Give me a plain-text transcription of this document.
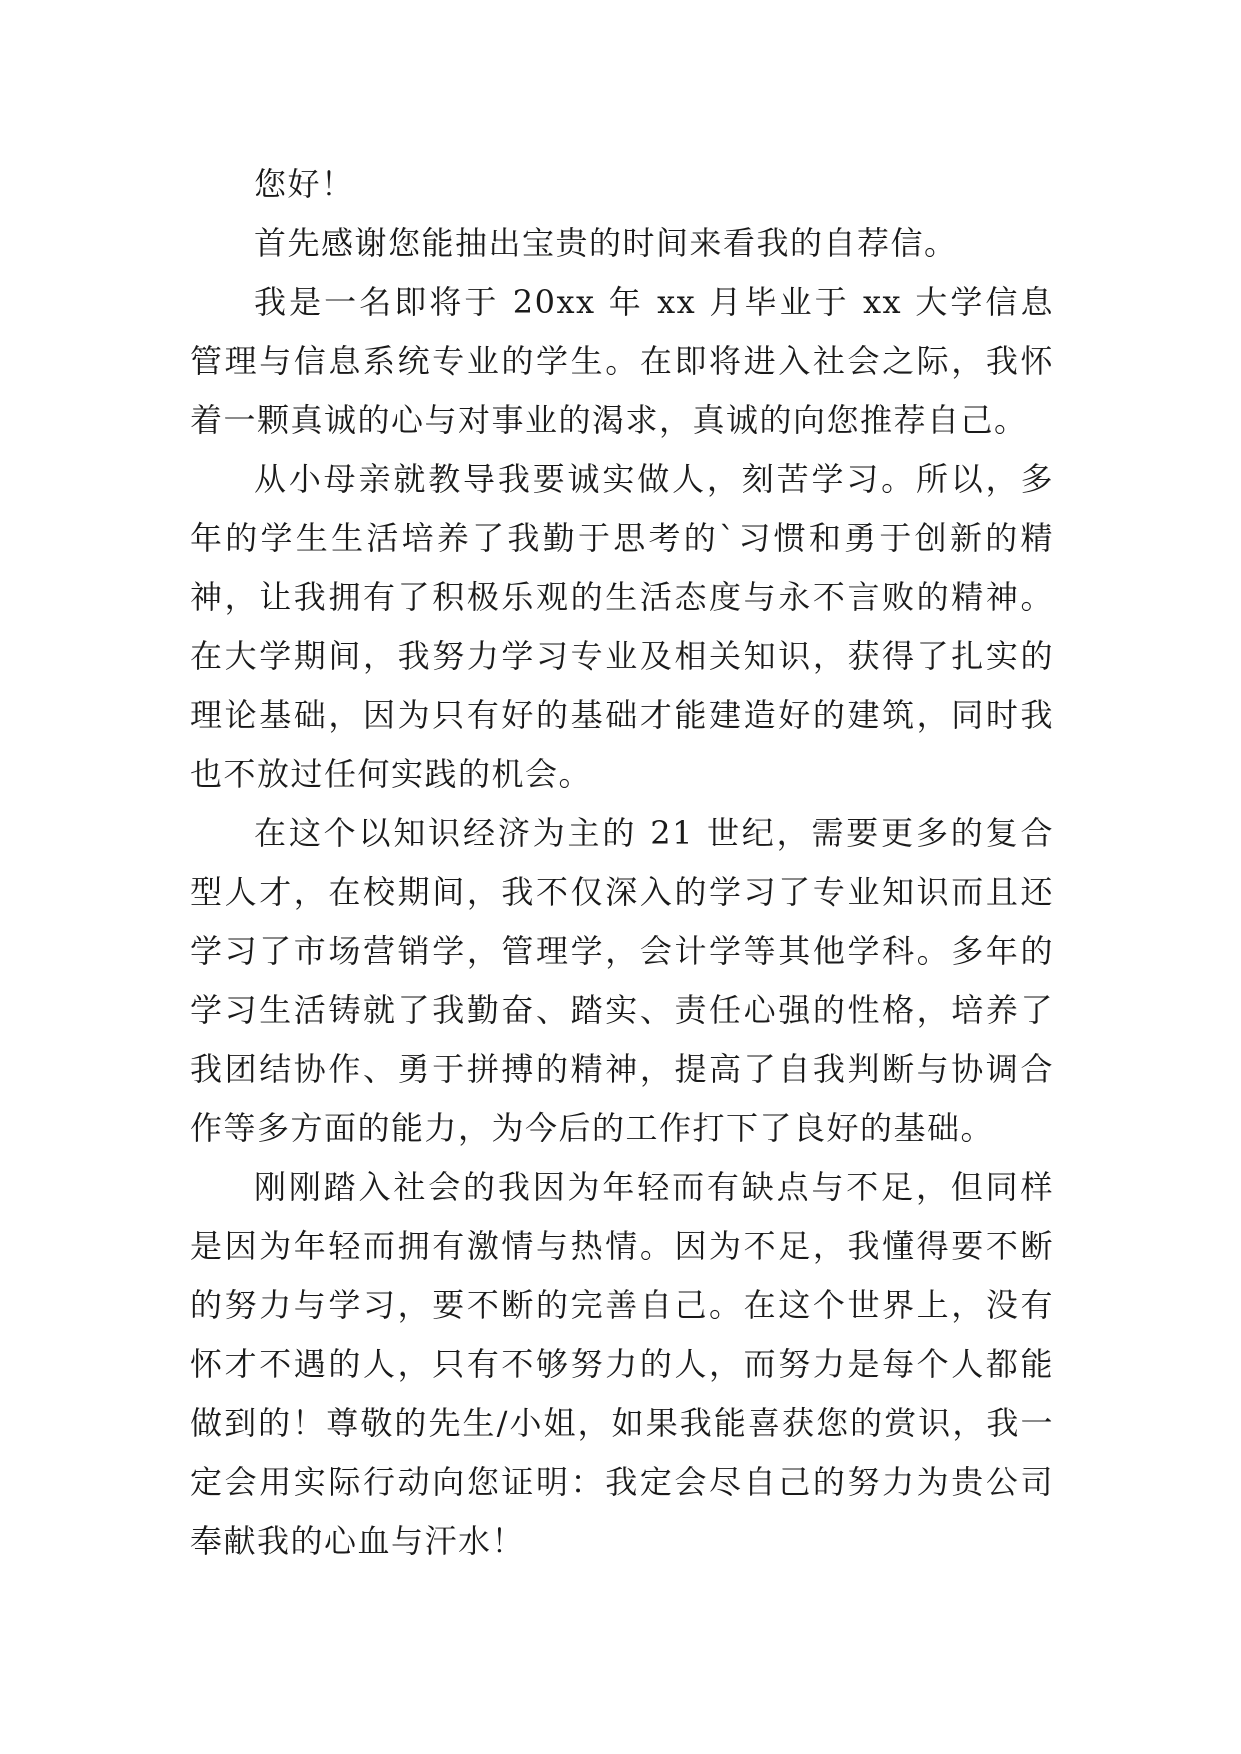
您好！

首先感谢您能抽出宝贵的时间来看我的自荐信。

我是一名即将于 20xx 年 xx 月毕业于 xx 大学信息管理与信息系统专业的学生。在即将进入社会之际，我怀着一颗真诚的心与对事业的渴求，真诚的向您推荐自己。

从小母亲就教导我要诚实做人，刻苦学习。所以，多年的学生生活培养了我勤于思考的`习惯和勇于创新的精神，让我拥有了积极乐观的生活态度与永不言败的精神。在大学期间，我努力学习专业及相关知识，获得了扎实的理论基础，因为只有好的基础才能建造好的建筑，同时我也不放过任何实践的机会。

在这个以知识经济为主的 21 世纪，需要更多的复合型人才，在校期间，我不仅深入的学习了专业知识而且还学习了市场营销学，管理学，会计学等其他学科。多年的学习生活铸就了我勤奋、踏实、责任心强的性格，培养了我团结协作、勇于拼搏的精神，提高了自我判断与协调合作等多方面的能力，为今后的工作打下了良好的基础。

刚刚踏入社会的我因为年轻而有缺点与不足，但同样是因为年轻而拥有激情与热情。因为不足，我懂得要不断的努力与学习，要不断的完善自己。在这个世界上，没有怀才不遇的人，只有不够努力的人，而努力是每个人都能做到的！尊敬的先生/小姐，如果我能喜获您的赏识，我一定会用实际行动向您证明：我定会尽自己的努力为贵公司奉献我的心血与汗水！
